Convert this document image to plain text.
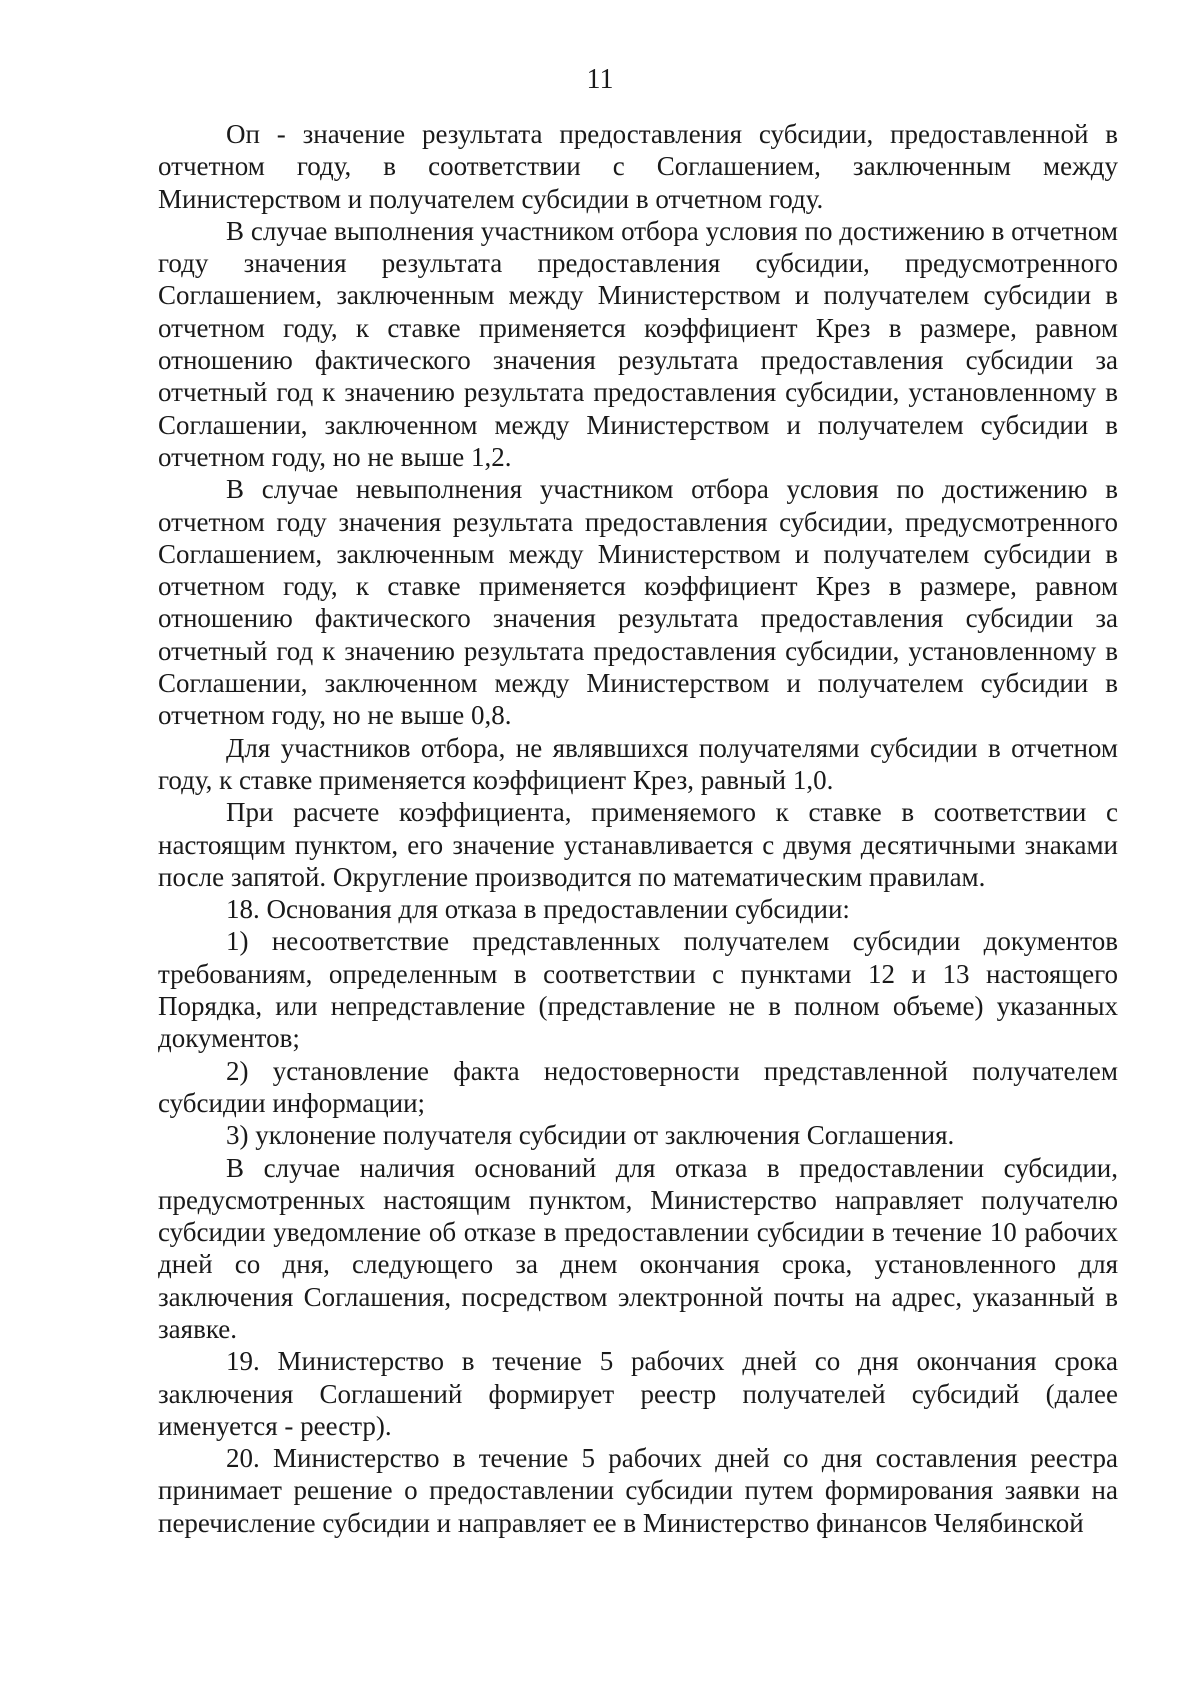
11

Оп - значение результата предоставления субсидии, предоставленной в отчетном году, в соответствии с Соглашением, заключенным между Министерством и получателем субсидии в отчетном году.

В случае выполнения участником отбора условия по достижению в отчетном году значения результата предоставления субсидии, предусмотренного Соглашением, заключенным между Министерством и получателем субсидии в отчетном году, к ставке применяется коэффициент Крез в размере, равном отношению фактического значения результата предоставления субсидии за отчетный год к значению результата предоставления субсидии, установленному в Соглашении, заключенном между Министерством и получателем субсидии в отчетном году, но не выше 1,2.

В случае невыполнения участником отбора условия по достижению в отчетном году значения результата предоставления субсидии, предусмотренного Соглашением, заключенным между Министерством и получателем субсидии в отчетном году, к ставке применяется коэффициент Крез в размере, равном отношению фактического значения результата предоставления субсидии за отчетный год к значению результата предоставления субсидии, установленному в Соглашении, заключенном между Министерством и получателем субсидии в отчетном году, но не выше 0,8.

Для участников отбора, не являвшихся получателями субсидии в отчетном году, к ставке применяется коэффициент Крез, равный 1,0.

При расчете коэффициента, применяемого к ставке в соответствии с настоящим пунктом, его значение устанавливается с двумя десятичными знаками после запятой. Округление производится по математическим правилам.

18. Основания для отказа в предоставлении субсидии:

1) несоответствие представленных получателем субсидии документов требованиям, определенным в соответствии с пунктами 12 и 13 настоящего Порядка, или непредставление (представление не в полном объеме) указанных документов;

2) установление факта недостоверности представленной получателем субсидии информации;

3) уклонение получателя субсидии от заключения Соглашения.

В случае наличия оснований для отказа в предоставлении субсидии, предусмотренных настоящим пунктом, Министерство направляет получателю субсидии уведомление об отказе в предоставлении субсидии в течение 10 рабочих дней со дня, следующего за днем окончания срока, установленного для заключения Соглашения, посредством электронной почты на адрес, указанный в заявке.

19. Министерство в течение 5 рабочих дней со дня окончания срока заключения Соглашений формирует реестр получателей субсидий (далее именуется - реестр).

20. Министерство в течение 5 рабочих дней со дня составления реестра принимает решение о предоставлении субсидии путем формирования заявки на перечисление субсидии и направляет ее в Министерство финансов Челябинской
